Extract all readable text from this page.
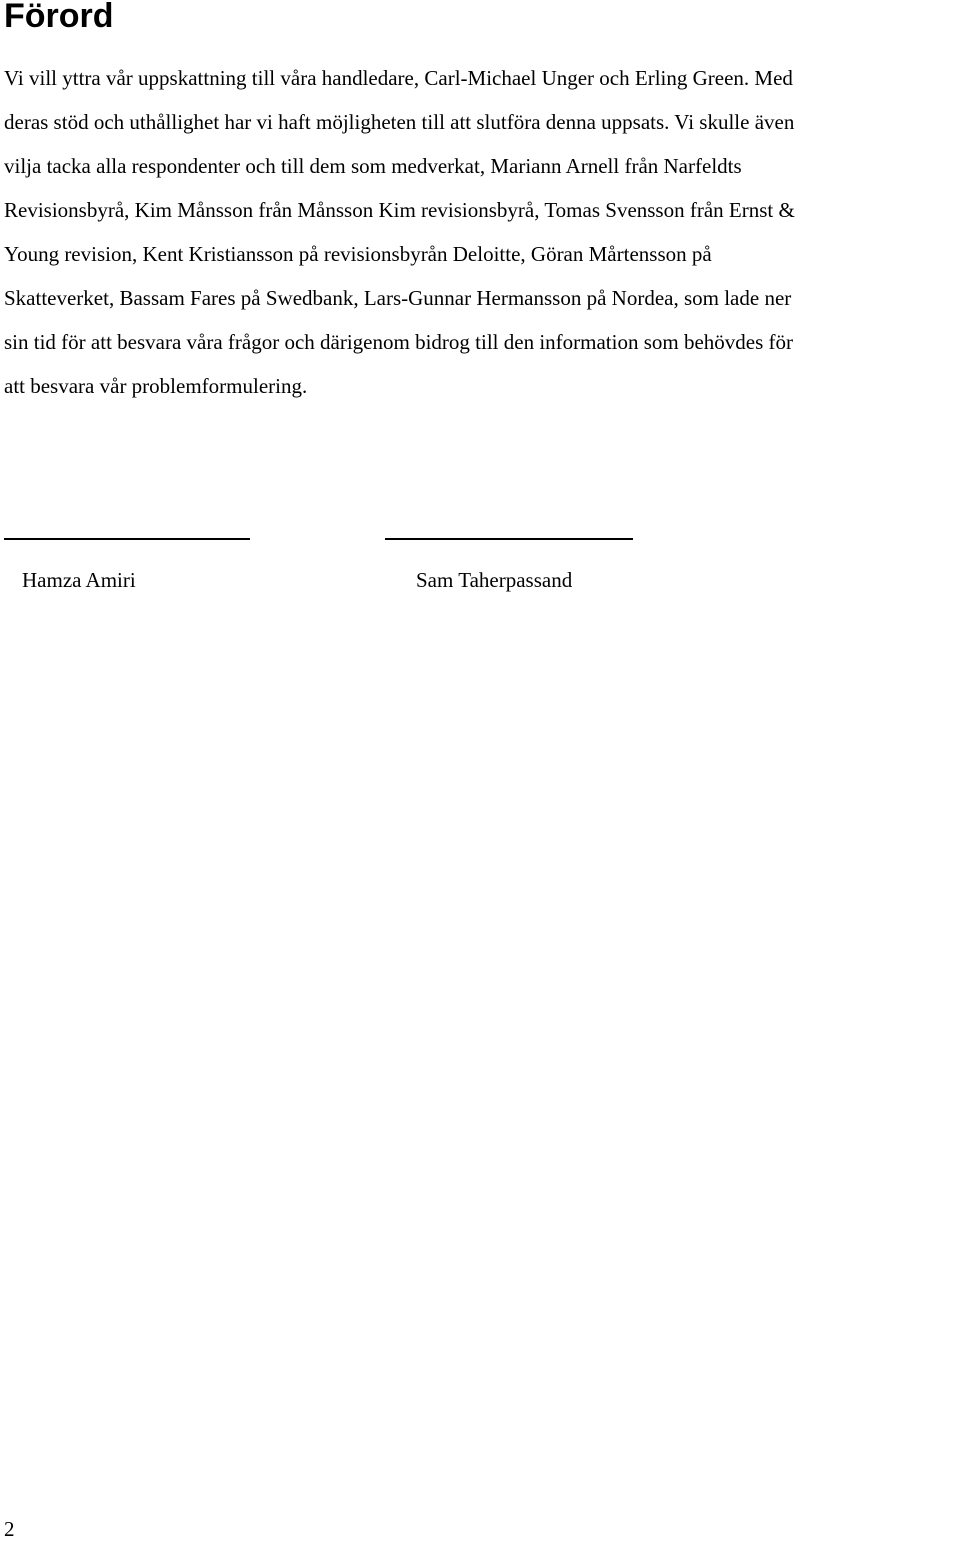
Förord

Vi vill yttra vår uppskattning till våra handledare, Carl-Michael Unger och Erling Green. Med
deras stöd och uthållighet har vi haft möjligheten till att slutföra denna uppsats. Vi skulle även
vilja tacka alla respondenter och till dem som medverkat, Mariann Arnell från Narfeldts
Revisionsbyrå, Kim Månsson från Månsson Kim revisionsbyrå, Tomas Svensson från Ernst &
Young revision, Kent Kristiansson på revisionsbyrån Deloitte, Göran Mårtensson på
Skatteverket, Bassam Fares på Swedbank, Lars-Gunnar Hermansson på Nordea, som lade ner
sin tid för att besvara våra frågor och därigenom bidrog till den information som behövdes för
att besvara vår problemformulering.

Hamza Amiri	Sam Taherpassand

2
